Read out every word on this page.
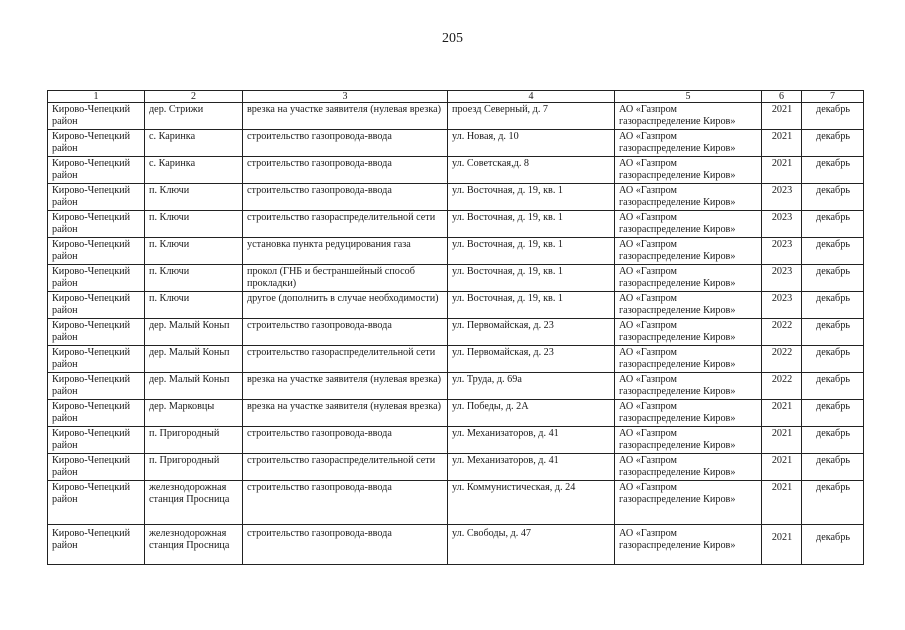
205
1	2	3	4	5	6	7
Кирово-Чепецкий район	дер. Стрижи	врезка на участке заявителя (нулевая врезка)	проезд Северный, д. 7	АО «Газпром газораспределение Киров»	2021	декабрь
Кирово-Чепецкий район	с. Каринка	строительство газопровода-ввода	ул. Новая, д. 10	АО «Газпром газораспределение Киров»	2021	декабрь
Кирово-Чепецкий район	с. Каринка	строительство газопровода-ввода	ул. Советская,д. 8	АО «Газпром газораспределение Киров»	2021	декабрь
Кирово-Чепецкий район	п. Ключи	строительство газопровода-ввода	ул. Восточная, д. 19, кв. 1	АО «Газпром газораспределение Киров»	2023	декабрь
Кирово-Чепецкий район	п. Ключи	строительство газораспределительной сети	ул. Восточная, д. 19, кв. 1	АО «Газпром газораспределение Киров»	2023	декабрь
Кирово-Чепецкий район	п. Ключи	установка пункта редуцирования газа	ул. Восточная, д. 19, кв. 1	АО «Газпром газораспределение Киров»	2023	декабрь
Кирово-Чепецкий район	п. Ключи	прокол (ГНБ и бестраншейный способ прокладки)	ул. Восточная, д. 19, кв. 1	АО «Газпром газораспределение Киров»	2023	декабрь
Кирово-Чепецкий район	п. Ключи	другое (дополнить в случае необходимости)	ул. Восточная, д. 19, кв. 1	АО «Газпром газораспределение Киров»	2023	декабрь
Кирово-Чепецкий район	дер. Малый Коньп	строительство газопровода-ввода	ул. Первомайская, д. 23	АО «Газпром газораспределение Киров»	2022	декабрь
Кирово-Чепецкий район	дер. Малый Коньп	строительство газораспределительной сети	ул. Первомайская, д. 23	АО «Газпром газораспределение Киров»	2022	декабрь
Кирово-Чепецкий район	дер. Малый Коньп	врезка на участке заявителя (нулевая врезка)	ул. Труда, д. 69а	АО «Газпром газораспределение Киров»	2022	декабрь
Кирово-Чепецкий район	дер. Марковцы	врезка на участке заявителя (нулевая врезка)	ул. Победы, д. 2А	АО «Газпром газораспределение Киров»	2021	декабрь
Кирово-Чепецкий район	п. Пригородный	строительство газопровода-ввода	ул. Механизаторов, д. 41	АО «Газпром газораспределение Киров»	2021	декабрь
Кирово-Чепецкий район	п. Пригородный	строительство газораспределительной сети	ул. Механизаторов, д. 41	АО «Газпром газораспределение Киров»	2021	декабрь
Кирово-Чепецкий район	железнодорожная станция Просница	строительство газопровода-ввода	ул. Коммунистическая, д. 24	АО «Газпром газораспределение Киров»	2021	декабрь
Кирово-Чепецкий район	железнодорожная станция Просница	строительство газопровода-ввода	ул. Свободы, д. 47	АО «Газпром газораспределение Киров»	2021	декабрь
